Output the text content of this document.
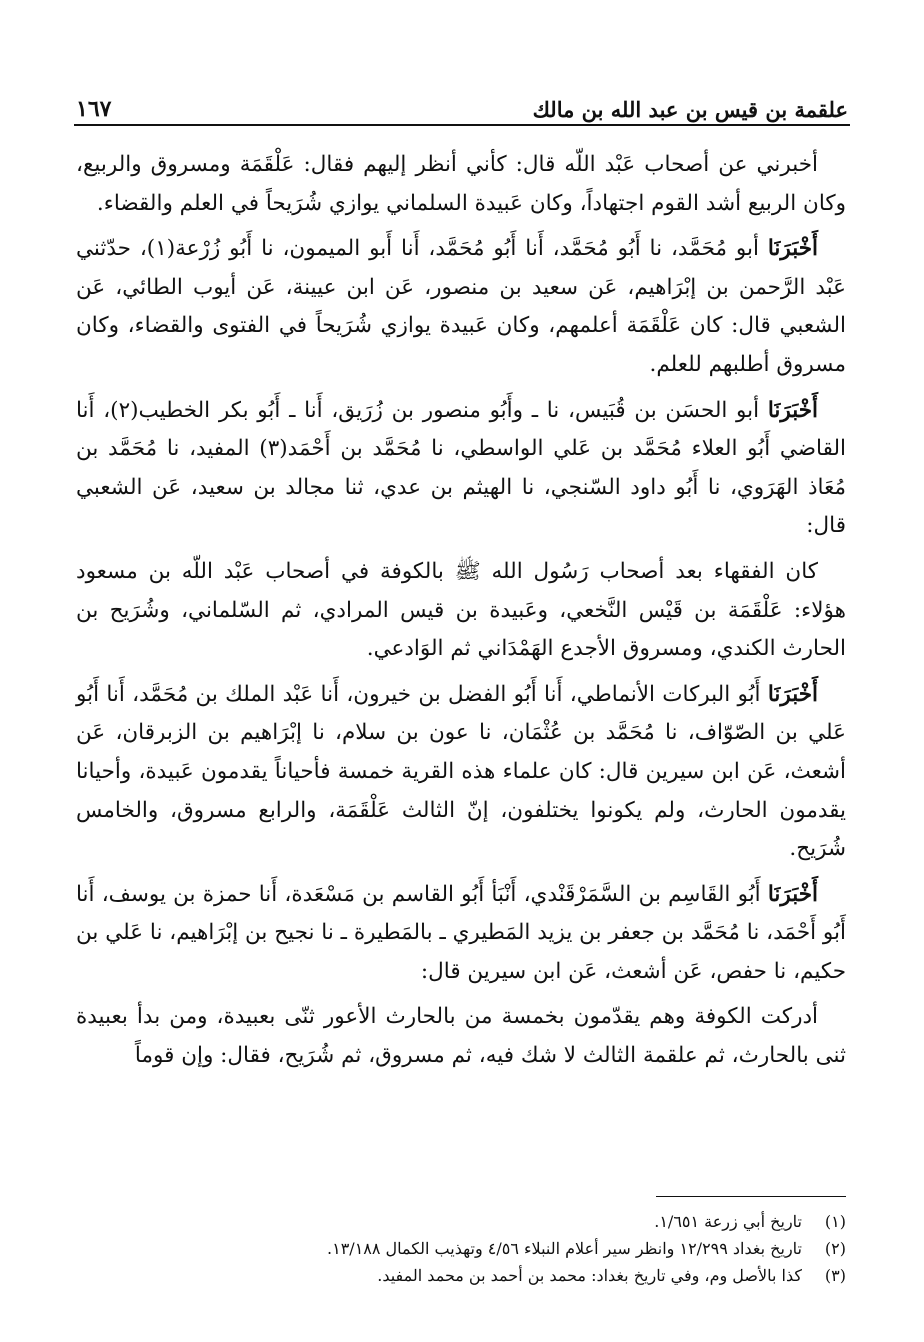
علقمة بن قيس بن عبد الله بن مالك
١٦٧

أخبرني عن أصحاب عَبْد اللّه قال: كأني أنظر إليهم فقال: عَلْقَمَة ومسروق والربيع، وكان الربيع أشد القوم اجتهاداً، وكان عَبيدة السلماني يوازي شُرَيحاً في العلم والقضاء.

أَخْبَرَنَا أبو مُحَمَّد، نا أَبُو مُحَمَّد، أَنا أَبُو مُحَمَّد، أَنا أَبو الميمون، نا أَبُو زُرْعة(١)، حدّثني عَبْد الرَّحمن بن إبْرَاهيم، عَن سعيد بن منصور، عَن ابن عيينة، عَن أيوب الطائي، عَن الشعبي قال: كان عَلْقَمَة أعلمهم، وكان عَبيدة يوازي شُرَيحاً في الفتوى والقضاء، وكان مسروق أطلبهم للعلم.

أَخْبَرَنَا أبو الحسَن بن قُبَيس، نا ـ وأَبُو منصور بن زُرَيق، أَنا ـ أَبُو بكر الخطيب(٢)، أَنا القاضي أَبُو العلاء مُحَمَّد بن عَلي الواسطي، نا مُحَمَّد بن أَحْمَد(٣) المفيد، نا مُحَمَّد بن مُعَاذ الهَرَوي، نا أَبُو داود السّنجي، نا الهيثم بن عدي، ثنا مجالد بن سعيد، عَن الشعبي قال:

كان الفقهاء بعد أصحاب رَسُول الله ﷺ بالكوفة في أصحاب عَبْد اللّه بن مسعود هؤلاء: عَلْقَمَة بن قَيْس النَّخعي، وعَبيدة بن قيس المرادي، ثم السّلماني، وشُرَيح بن الحارث الكندي، ومسروق الأجدع الهَمْدَاني ثم الوَادعي.

أَخْبَرَنَا أَبُو البركات الأنماطي، أَنا أَبُو الفضل بن خيرون، أَنا عَبْد الملك بن مُحَمَّد، أَنا أَبُو عَلي بن الصّوّاف، نا مُحَمَّد بن عُثْمَان، نا عون بن سلام، نا إبْرَاهيم بن الزبرقان، عَن أشعث، عَن ابن سيرين قال: كان علماء هذه القرية خمسة فأحياناً يقدمون عَبيدة، وأحيانا يقدمون الحارث، ولم يكونوا يختلفون، إنّ الثالث عَلْقَمَة، والرابع مسروق، والخامس شُرَيح.

أَخْبَرَنَا أَبُو القَاسِم بن السَّمَرْقَنْدي، أَنْبَأ أَبُو القاسم بن مَسْعَدة، أَنا حمزة بن يوسف، أَنا أَبُو أَحْمَد، نا مُحَمَّد بن جعفر بن يزيد المَطيري ـ بالمَطيرة ـ نا نجيح بن إبْرَاهيم، نا عَلي بن حكيم، نا حفص، عَن أشعث، عَن ابن سيرين قال:

أدركت الكوفة وهم يقدّمون بخمسة من بالحارث الأعور ثنّى بعبيدة، ومن بدأ بعبيدة ثنى بالحارث، ثم علقمة الثالث لا شك فيه، ثم مسروق، ثم شُرَيح، فقال: وإن قوماً

(١)
تاريخ أبي زرعة ١/٦٥١.
(٢)
تاريخ بغداد ١٢/٢٩٩ وانظر سير أعلام النبلاء ٤/٥٦ وتهذيب الكمال ١٣/١٨٨.
(٣)
كذا بالأصل وم، وفي تاريخ بغداد: محمد بن أحمد بن محمد المفيد.
